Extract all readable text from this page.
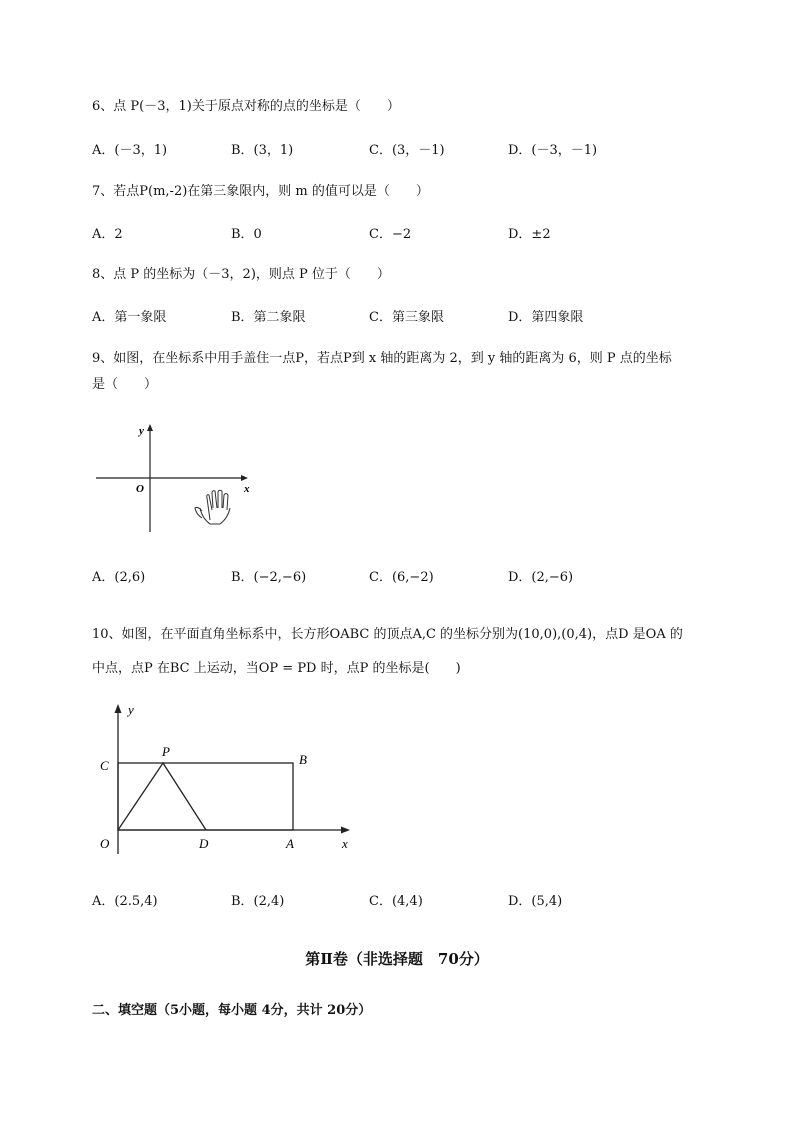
6、点 P(－3，1)关于原点对称的点的坐标是（　　）
A．(－3，1)	B．(3，1)	C．(3，－1)	D．(－3，－1)
7、若点P(m,-2)在第三象限内，则 m 的值可以是（　　）
A．2	B．0	C．−2	D．±2
8、点 P 的坐标为（－3，2)，则点 P 位于（　　）
A．第一象限	B．第二象限	C．第三象限	D．第四象限
9、如图，在坐标系中用手盖住一点P，若点P到 x 轴的距离为 2，到 y 轴的距离为 6，则 P 点的坐标
是（　　）
y
x
O
A．(2,6)	B．(−2,−6)	C．(6,−2)	D．(2,−6)
10、如图，在平面直角坐标系中，长方形OABC 的顶点A,C 的坐标分别为(10,0),(0,4)，点D 是OA 的
中点，点P 在BC 上运动，当OP = PD 时，点P 的坐标是(　　)
y
x
O
C
P
B
D	A
A．(2.5,4)	B．(2,4)	C．(4,4)	D．(5,4)
第Ⅱ卷（非选择题　70分）
二、填空题（5小题，每小题 4分，共计 20分）
